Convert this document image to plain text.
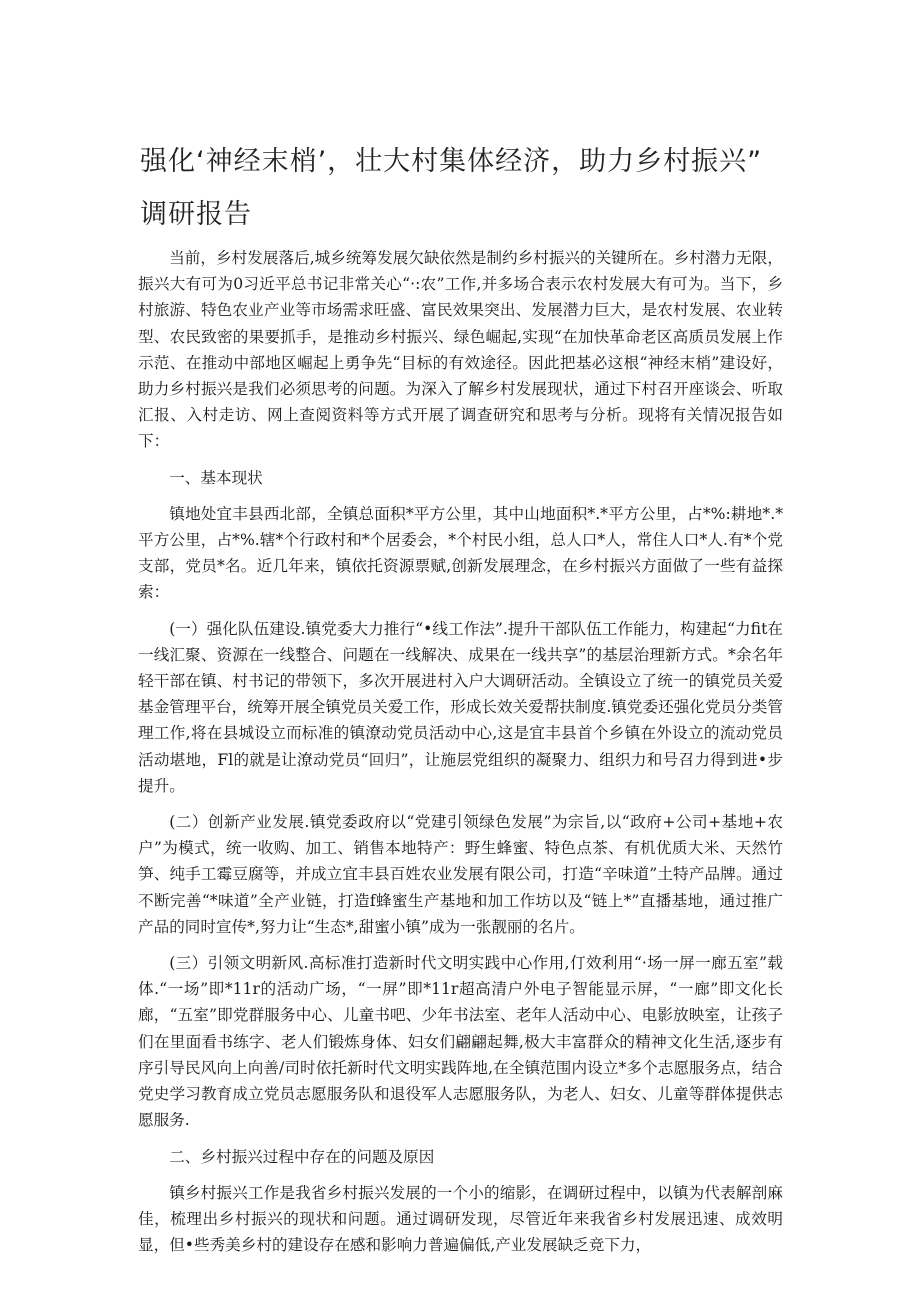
强化‘神经末梢’，壮大村集体经济，助力乡村振兴”
调研报告

当前，乡村发展落后,城乡统筹发展欠缺依然是制约乡村振兴的关键所在。乡村潜力无限，振兴大有可为0习近平总书记非常关心“·:农”工作,并多场合表示农村发展大有可为。当下，乡村旅游、特色农业产业等市场需求旺盛、富民效果突出、发展潜力巨大，是农村发展、农业转型、农民致密的果要抓手，是推动乡村振兴、绿色崛起,实现“在加快革命老区高质员发展上作示范、在推动中部地区崛起上勇争先“目标的有效途径。因此把基必这根“神经末梢”建设好，助力乡村振兴是我们必须思考的问题。为深入了解乡村发展现状，通过下村召开座谈会、听取汇报、入村走访、网上查阅资料等方式开展了调查研究和思考与分析。现将有关情况报告如下：

一、基本现状

镇地处宜丰县西北部，全镇总面积*平方公里，其中山地面积*.*平方公里，占*%:耕地*.*平方公里，占*%.辖*个行政村和*个居委会，*个村民小组，总人口*人，常住人口*人.有*个党支部，党员*名。近几年来，镇依托资源票赋,创新发展理念，在乡村振兴方面做了一些有益探索：

(一）强化队伍建设.镇党委大力推行“•线工作法”.提升干部队伍工作能力，构建起“力fit在一线汇聚、资源在一线整合、问题在一线解决、成果在一线共享”的基层治理新方式。*余名年轻干部在镇、村书记的带领下，多次开展进村入户大调研活动。全镇设立了统一的镇党员关爱基金管理平台，统筹开展全镇党员关爱工作，形成长效关爱帮扶制度.镇党委还强化党员分类管理工作,将在县城设立而标准的镇潦动党员活动中心,这是宜丰县首个乡镇在外设立的流动党员活动堪地，Fl的就是让潦动党员“回归”，让施层党组织的凝聚力、组织力和号召力得到进•步提升。

(二）创新产业发展.镇党委政府以“党建引领绿色发展”为宗旨,以“政府+公司+基地+农户”为模式，统一收购、加工、销售本地特产：野生蜂蜜、特色点茶、有机优质大米、天然竹笋、纯手工霉豆腐等，并成立宜丰县百姓农业发展有限公司，打造“辛味道”土特产品牌。通过不断完善“*味道”全产业链，打造f蜂蜜生产基地和加工作坊以及“链上*”直播基地，通过推广产品的同时宣传*,努力让“生态*,甜蜜小镇”成为一张靓丽的名片。

(三）引领文明新风.高标准打造新时代文明实践中心作用,仃效利用“·场一屏一廊五室”载体.“一场”即*11r的活动广场，“一屏”即*11r超高清户外电子智能显示屏，“一廊”即文化长廊，“五室”即党群服务中心、儿童书吧、少年书法室、老年人活动中心、电影放映室，让孩子们在里面看书练字、老人们锻炼身体、妇女们翩翩起舞,极大丰富群众的精神文化生活,逐步有序引导民风向上向善/司时依托新时代文明实践阵地,在全镇范围内设立*多个志愿服务点，结合党史学习教育成立党员志愿服务队和退役军人志愿服务队，为老人、妇女、儿童等群体提供志愿服务.

二、乡村振兴过程中存在的问题及原因

镇乡村振兴工作是我省乡村振兴发展的一个小的缩影，在调研过程中，以镇为代表解剖麻佳，梳理出乡村振兴的现状和问题。通过调研发现，尽管近年来我省乡村发展迅速、成效明显，但•些秀美乡村的建设存在感和影响力普遍偏低,产业发展缺乏竞下力，
